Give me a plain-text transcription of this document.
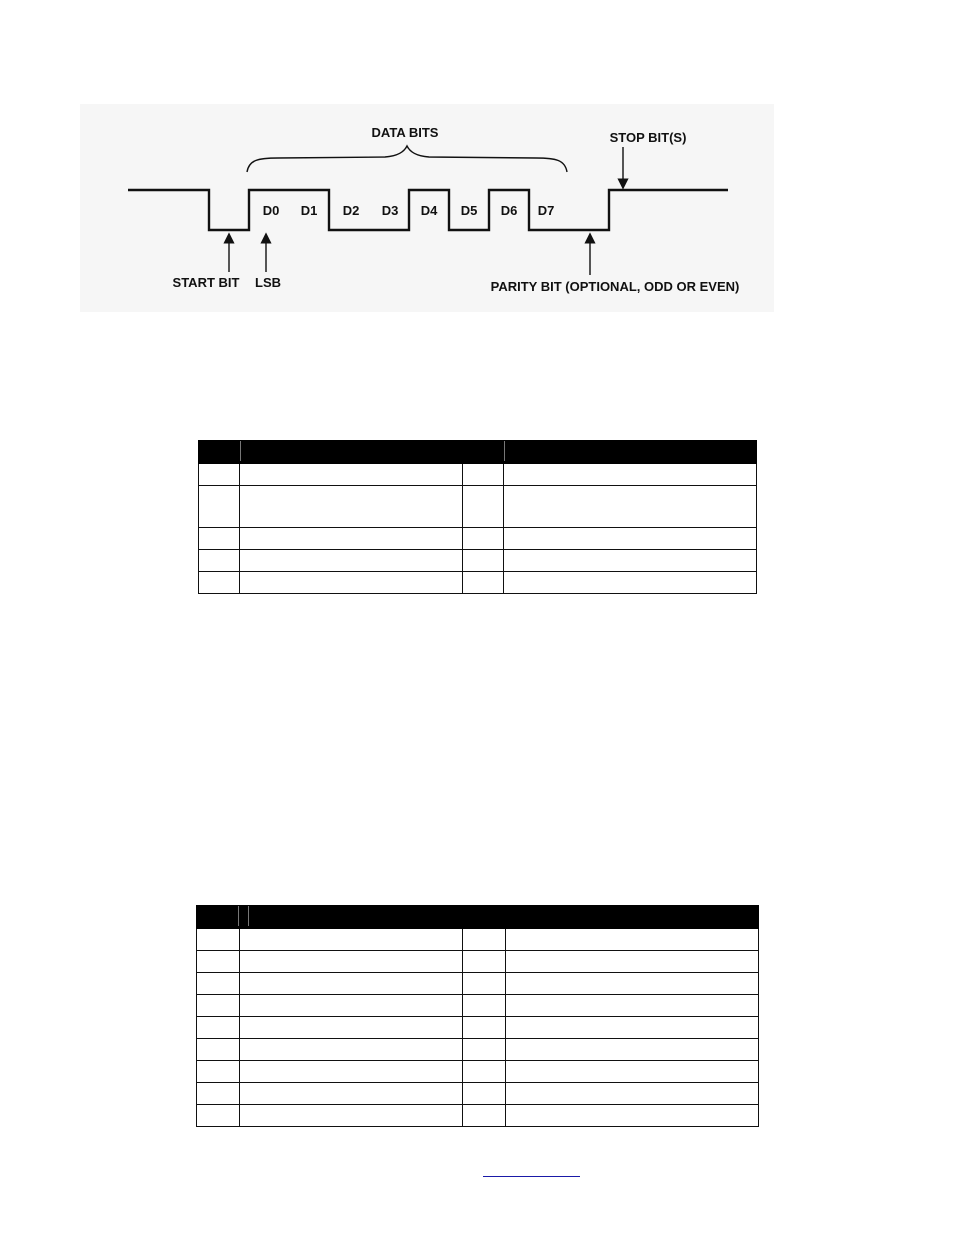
DATA BITS	STOP BIT(S)
START BIT LSB	PARITY BIT (OPTIONAL, ODD OR EVEN)
D0 D1 D2 D3 D4 D5 D6 D7
